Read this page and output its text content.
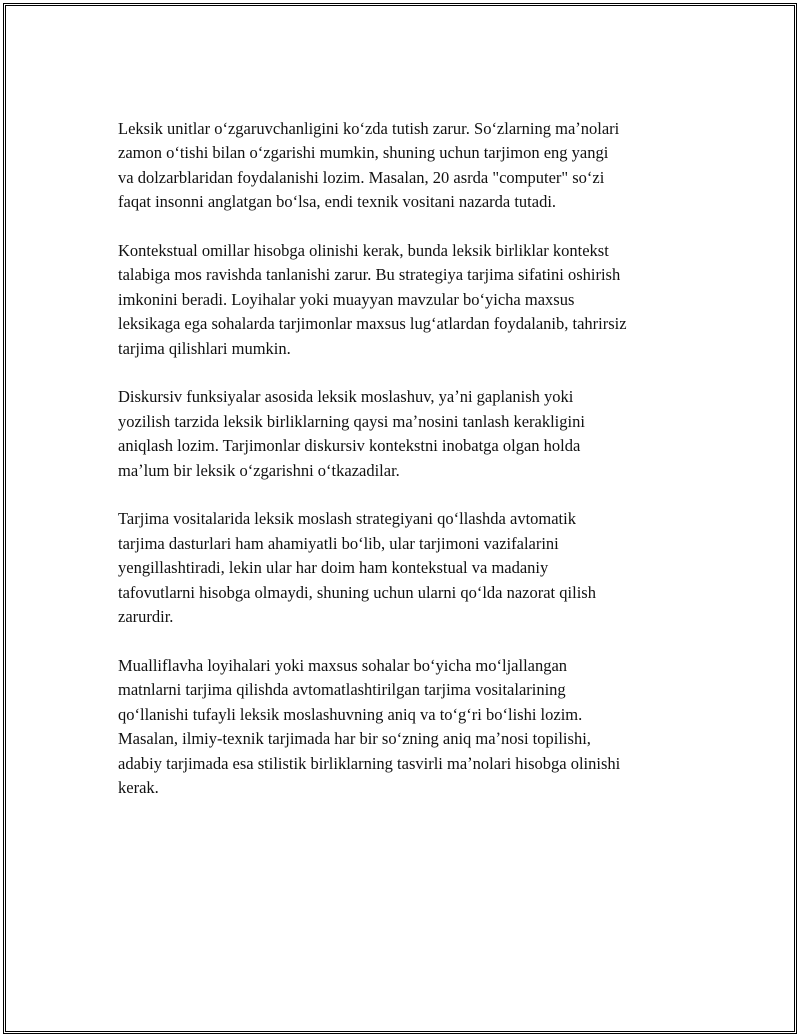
Leksik unitlar oʻzgaruvchanligini koʻzda tutish zarur. Soʻzlarning maʼnolari
zamon oʻtishi bilan oʻzgarishi mumkin, shuning uchun tarjimon eng yangi
va dolzarblaridan foydalanishi lozim. Masalan, 20 asrda "computer" soʻzi
faqat insonni anglatgan boʻlsa, endi texnik vositani nazarda tutadi.

Kontekstual omillar hisobga olinishi kerak, bunda leksik birliklar kontekst
talabiga mos ravishda tanlanishi zarur. Bu strategiya tarjima sifatini oshirish
imkonini beradi. Loyihalar yoki muayyan mavzular boʻyicha maxsus
leksikaga ega sohalarda tarjimonlar maxsus lugʻatlardan foydalanib, tahrirsiz
tarjima qilishlari mumkin.

Diskursiv funksiyalar asosida leksik moslashuv, yaʼni gaplanish yoki
yozilish tarzida leksik birliklarning qaysi maʼnosini tanlash kerakligini
aniqlash lozim. Tarjimonlar diskursiv kontekstni inobatga olgan holda
maʼlum bir leksik oʻzgarishni oʻtkazadilar.

Tarjima vositalarida leksik moslash strategiyani qoʻllashda avtomatik
tarjima dasturlari ham ahamiyatli boʻlib, ular tarjimoni vazifalarini
yengillashtiradi, lekin ular har doim ham kontekstual va madaniy
tafovutlarni hisobga olmaydi, shuning uchun ularni qoʻlda nazorat qilish
zarurdir.

Mualliflavha loyihalari yoki maxsus sohalar boʻyicha moʻljallangan
matnlarni tarjima qilishda avtomatlashtirilgan tarjima vositalarining
qoʻllanishi tufayli leksik moslashuvning aniq va toʻgʻri boʻlishi lozim.
Masalan, ilmiy-texnik tarjimada har bir soʻzning aniq maʼnosi topilishi,
adabiy tarjimada esa stilistik birliklarning tasvirli maʼnolari hisobga olinishi
kerak.
